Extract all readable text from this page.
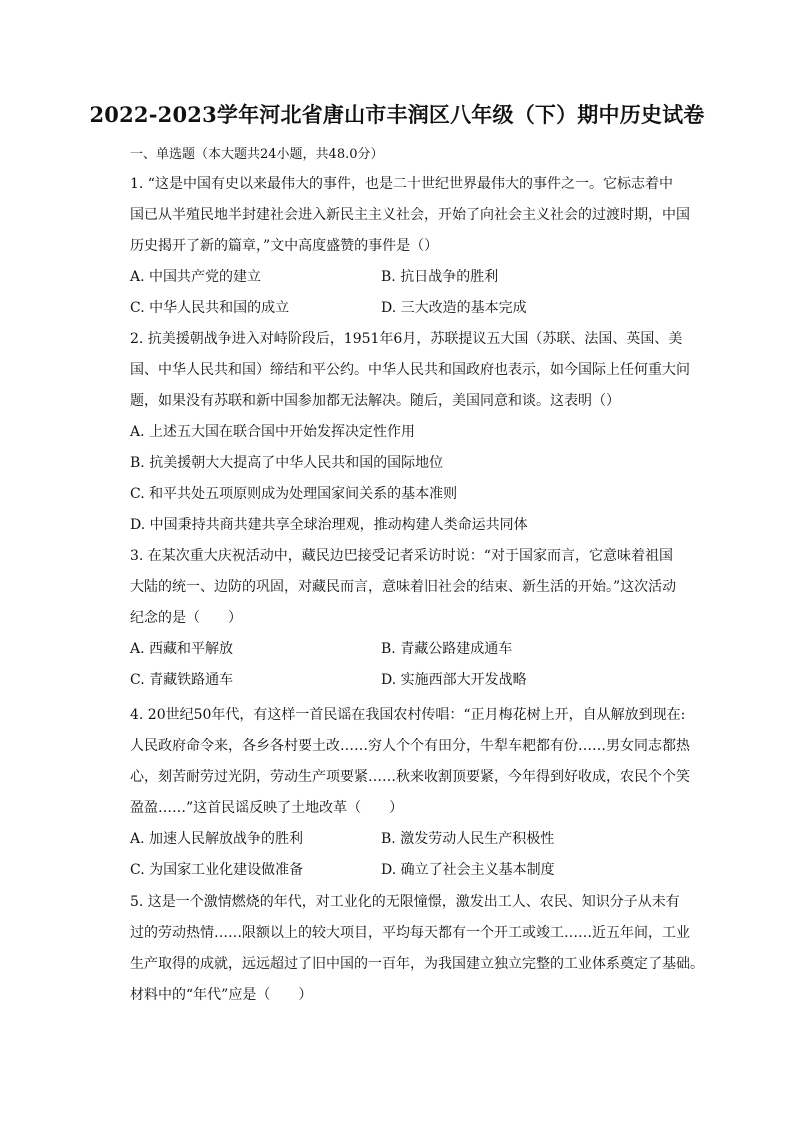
2022-2023学年河北省唐山市丰润区八年级（下）期中历史试卷
一、单选题（本大题共24小题，共48.0分）
1. “这是中国有史以来最伟大的事件，也是二十世纪世界最伟大的事件之一。它标志着中
国已从半殖民地半封建社会进入新民主主义社会，开始了向社会主义社会的过渡时期，中国
历史揭开了新的篇章，”文中高度盛赞的事件是（）
A. 中国共产党的建立	B. 抗日战争的胜利
C. 中华人民共和国的成立	D. 三大改造的基本完成
2. 抗美援朝战争进入对峙阶段后，1951年6月，苏联提议五大国（苏联、法国、英国、美
国、中华人民共和国）缔结和平公约。中华人民共和国政府也表示，如今国际上任何重大问
题，如果没有苏联和新中国参加都无法解决。随后，美国同意和谈。这表明（）
A. 上述五大国在联合国中开始发挥决定性作用
B. 抗美援朝大大提高了中华人民共和国的国际地位
C. 和平共处五项原则成为处理国家间关系的基本准则
D. 中国秉持共商共建共享全球治理观，推动构建人类命运共同体
3. 在某次重大庆祝活动中，藏民边巴接受记者采访时说：“对于国家而言，它意味着祖国
大陆的统一、边防的巩固，对藏民而言，意味着旧社会的结束、新生活的开始。”这次活动
纪念的是（　　）
A. 西藏和平解放	B. 青藏公路建成通车
C. 青藏铁路通车	D. 实施西部大开发战略
4. 20世纪50年代，有这样一首民谣在我国农村传唱：“正月梅花树上开，自从解放到现在:
人民政府命令来，各乡各村要土改……穷人个个有田分，牛犁车耙都有份……男女同志都热
心，刻苦耐劳过光阴，劳动生产项要紧……秋来收割顶要紧，今年得到好收成，农民个个笑
盈盈……”这首民谣反映了土地改革（　　）
A. 加速人民解放战争的胜利	B. 激发劳动人民生产积极性
C. 为国家工业化建设做准备	D. 确立了社会主义基本制度
5. 这是一个激情燃烧的年代，对工业化的无限憧憬，激发出工人、农民、知识分子从未有
过的劳动热情……限额以上的较大项目，平均每天都有一个开工或竣工……近五年间，工业
生产取得的成就，远远超过了旧中国的一百年，为我国建立独立完整的工业体系奠定了基础。
材料中的“年代”应是（　　）
